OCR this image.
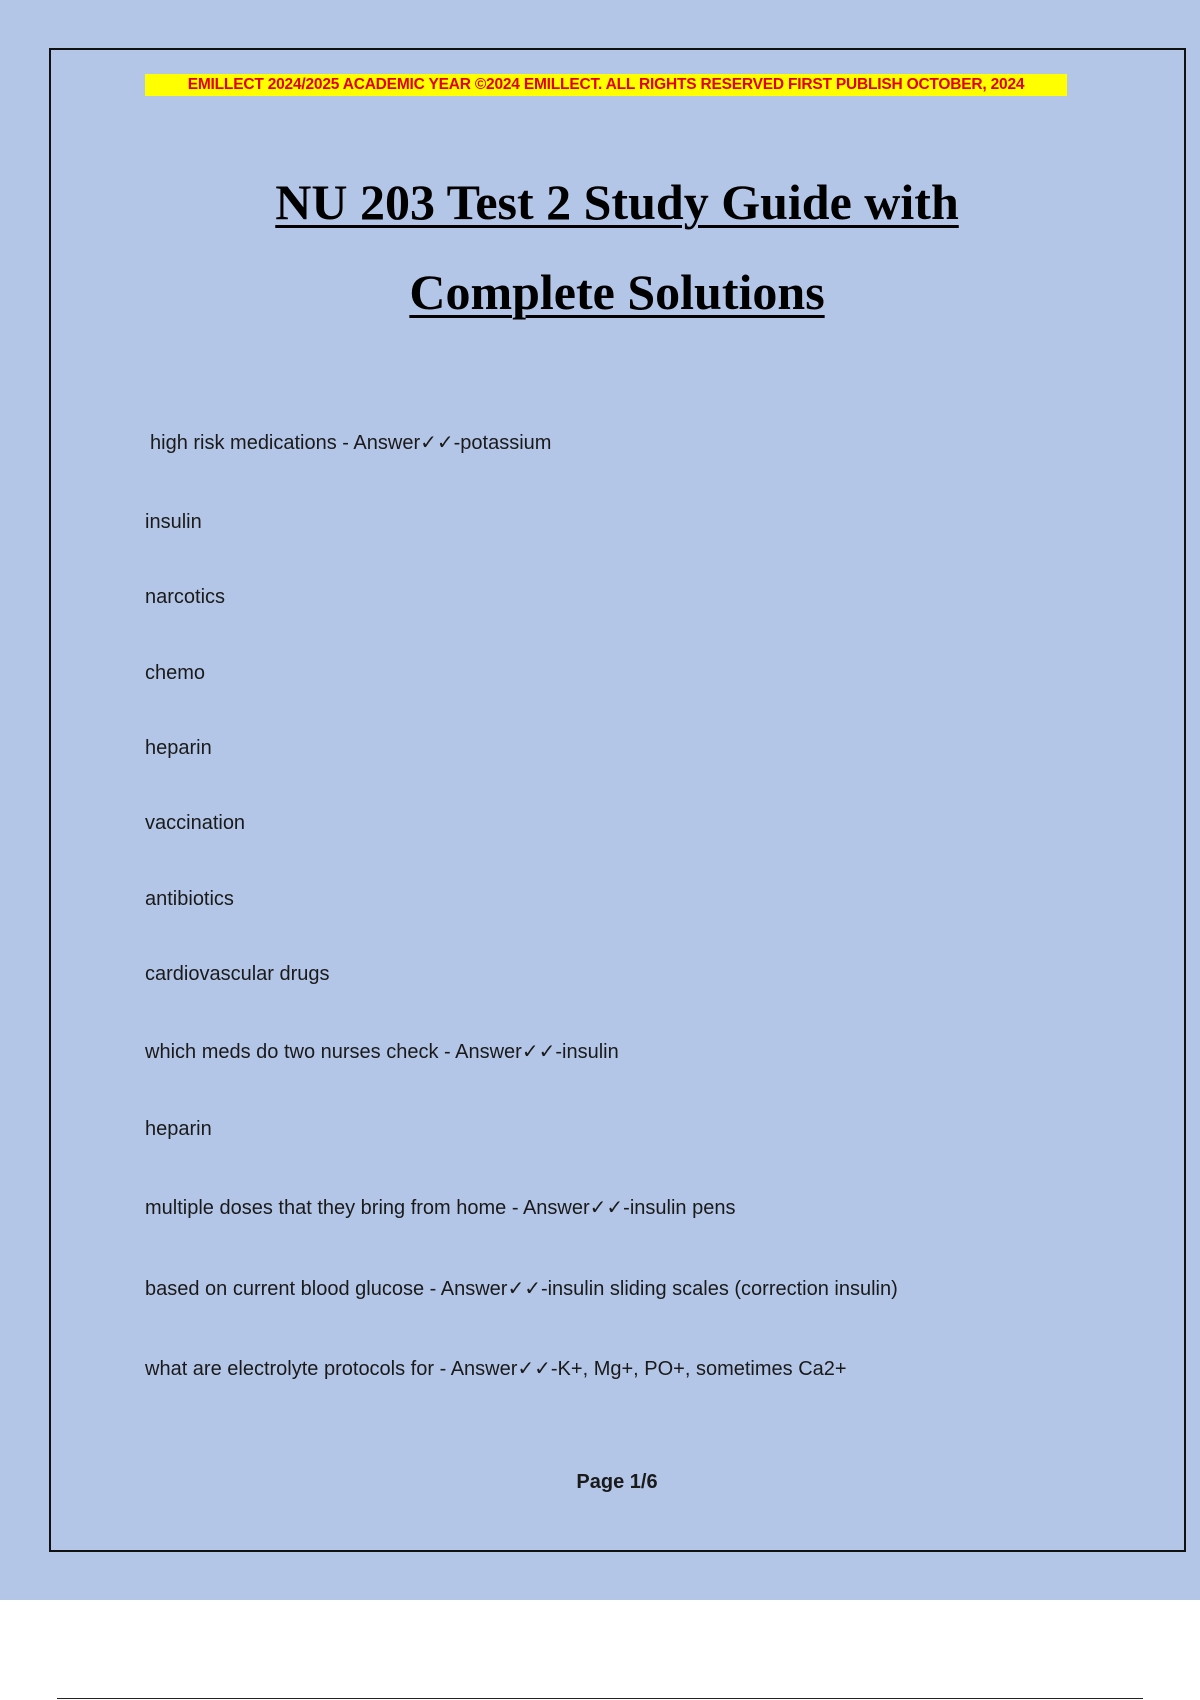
EMILLECT 2024/2025 ACADEMIC YEAR ©2024 EMILLECT. ALL RIGHTS RESERVED FIRST PUBLISH OCTOBER, 2024
NU 203 Test 2 Study Guide with
Complete Solutions
high risk medications - Answer✓✓-potassium
insulin
narcotics
chemo
heparin
vaccination
antibiotics
cardiovascular drugs
which meds do two nurses check - Answer✓✓-insulin
heparin
multiple doses that they bring from home - Answer✓✓-insulin pens
based on current blood glucose - Answer✓✓-insulin sliding scales (correction insulin)
what are electrolyte protocols for - Answer✓✓-K+, Mg+, PO+, sometimes Ca2+
Page 1/6
